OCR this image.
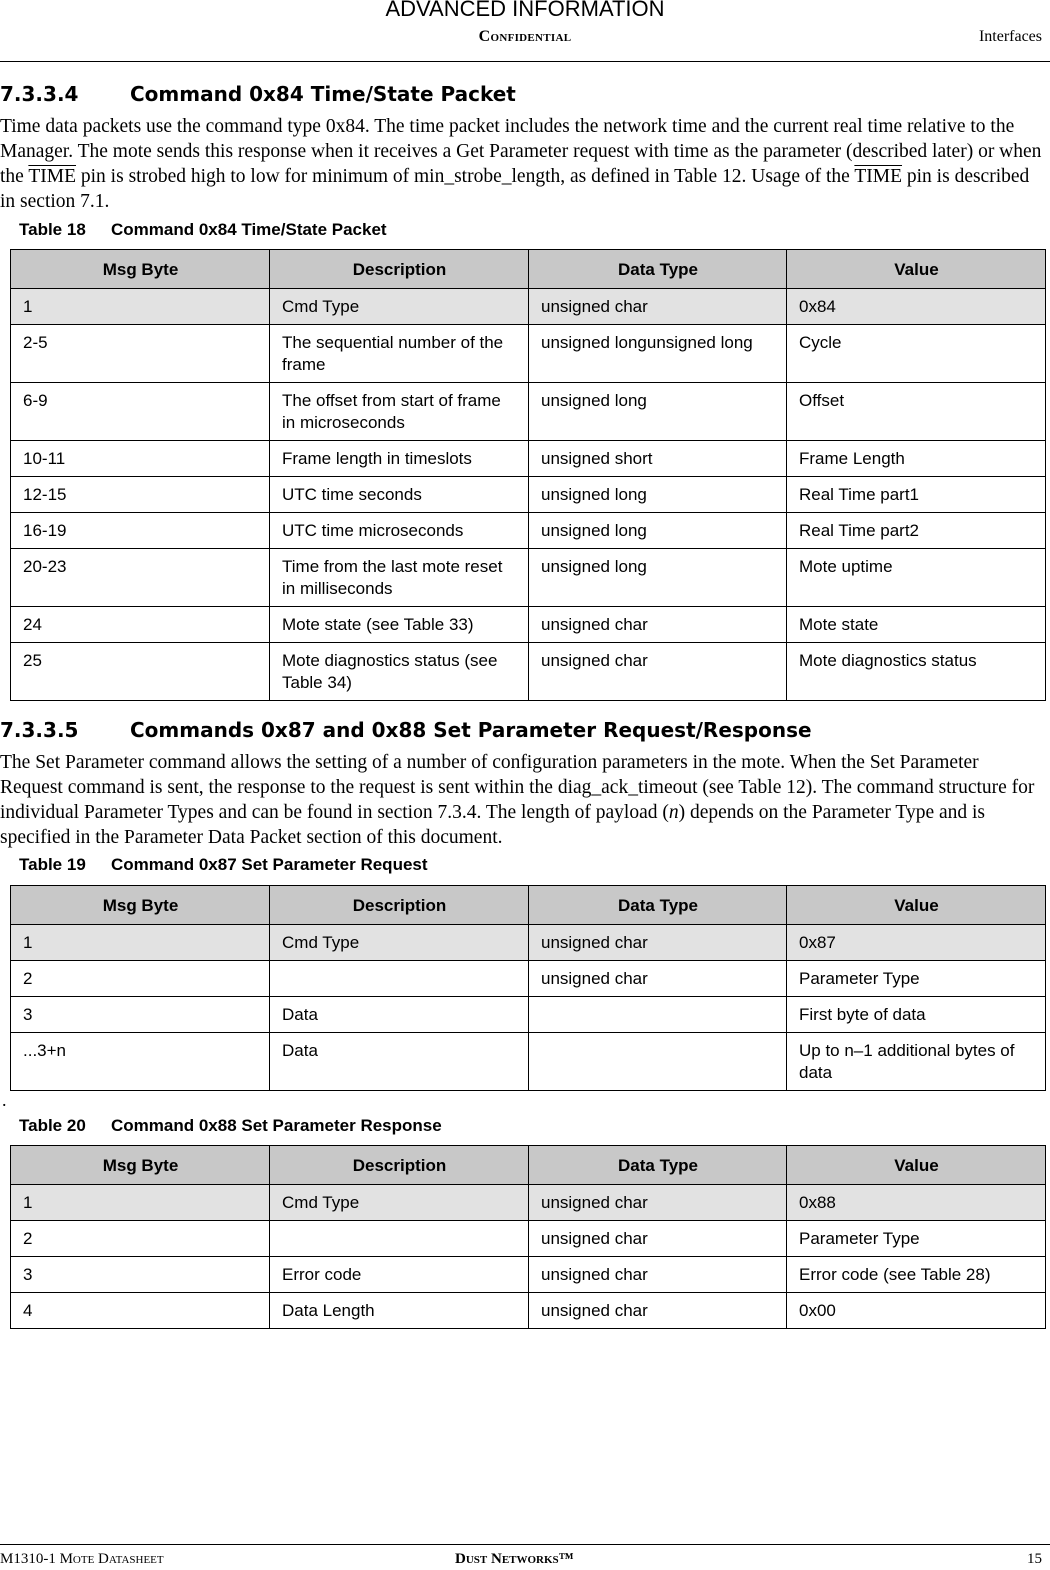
ADVANCED INFORMATION
Confidential	Interfaces
7.3.3.4	Command 0x84 Time/State Packet

Time data packets use the command type 0x84. The time packet includes the network time and the current real time relative to the Manager. The mote sends this response when it receives a Get Parameter request with time as the parameter (described later) or when the TIME pin is strobed high to low for minimum of min_strobe_length, as defined in Table 12. Usage of the TIME pin is described in section 7.1.

Table 18 Command 0x84 Time/State Packet
Msg Byte	Description	Data Type	Value
1	Cmd Type	unsigned char	0x84
2-5	The sequential number of the frame	unsigned longunsigned long	Cycle
6-9	The offset from start of frame in microseconds	unsigned long	Offset
10-11	Frame length in timeslots	unsigned short	Frame Length
12-15	UTC time seconds	unsigned long	Real Time part1
16-19	UTC time microseconds	unsigned long	Real Time part2
20-23	Time from the last mote reset in milliseconds	unsigned long	Mote uptime
24	Mote state (see Table 33)	unsigned char	Mote state
25	Mote diagnostics status (see Table 34)	unsigned char	Mote diagnostics status
7.3.3.5	Commands 0x87 and 0x88 Set Parameter Request/Response

The Set Parameter command allows the setting of a number of configuration parameters in the mote. When the Set Parameter Request command is sent, the response to the request is sent within the diag_ack_timeout (see Table 12). The command structure for individual Parameter Types and can be found in section 7.3.4. The length of payload (n) depends on the Parameter Type and is specified in the Parameter Data Packet section of this document.

Table 19 Command 0x87 Set Parameter Request
Msg Byte	Description	Data Type	Value
1	Cmd Type	unsigned char	0x87
2		unsigned char	Parameter Type
3	Data		First byte of data
...3+n	Data		Up to n–1 additional bytes of data
.
Table 20 Command 0x88 Set Parameter Response
Msg Byte	Description	Data Type	Value
1	Cmd Type	unsigned char	0x88
2		unsigned char	Parameter Type
3	Error code	unsigned char	Error code (see Table 28)
4	Data Length	unsigned char	0x00
M1310-1 Mote Datasheet	Dust Networks™	15
